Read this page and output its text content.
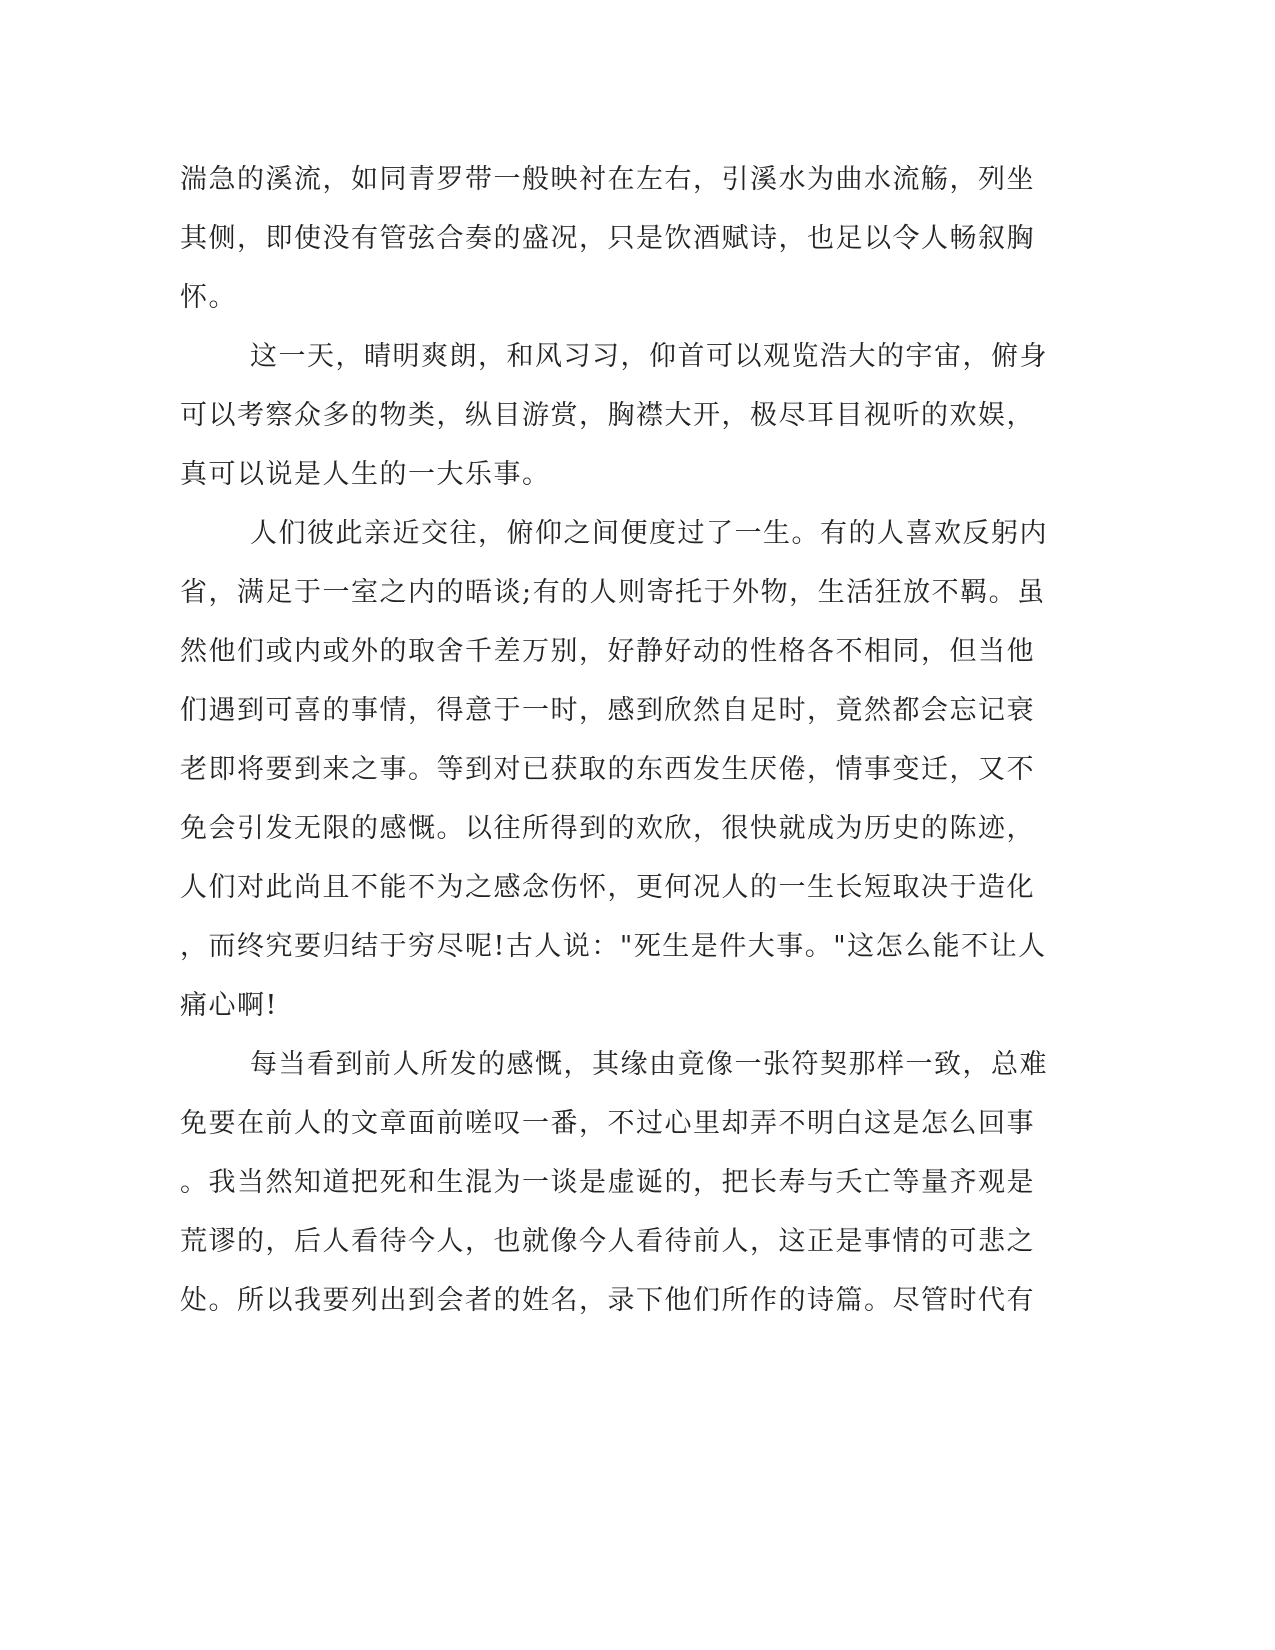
湍急的溪流，如同青罗带一般映衬在左右，引溪水为曲水流觞，列坐
其侧，即使没有管弦合奏的盛况，只是饮酒赋诗，也足以令人畅叙胸
怀。
这一天，晴明爽朗，和风习习，仰首可以观览浩大的宇宙，俯身
可以考察众多的物类，纵目游赏，胸襟大开，极尽耳目视听的欢娱，
真可以说是人生的一大乐事。
人们彼此亲近交往，俯仰之间便度过了一生。有的人喜欢反躬内
省，满足于一室之内的晤谈;有的人则寄托于外物，生活狂放不羁。虽
然他们或内或外的取舍千差万别，好静好动的性格各不相同，但当他
们遇到可喜的事情，得意于一时，感到欣然自足时，竟然都会忘记衰
老即将要到来之事。等到对已获取的东西发生厌倦，情事变迁，又不
免会引发无限的感慨。以往所得到的欢欣，很快就成为历史的陈迹，
人们对此尚且不能不为之感念伤怀，更何况人的一生长短取决于造化
，而终究要归结于穷尽呢!古人说："死生是件大事。"这怎么能不让人
痛心啊!
每当看到前人所发的感慨，其缘由竟像一张符契那样一致，总难
免要在前人的文章面前嗟叹一番，不过心里却弄不明白这是怎么回事
。我当然知道把死和生混为一谈是虚诞的，把长寿与夭亡等量齐观是
荒谬的，后人看待今人，也就像今人看待前人，这正是事情的可悲之
处。所以我要列出到会者的姓名，录下他们所作的诗篇。尽管时代有
